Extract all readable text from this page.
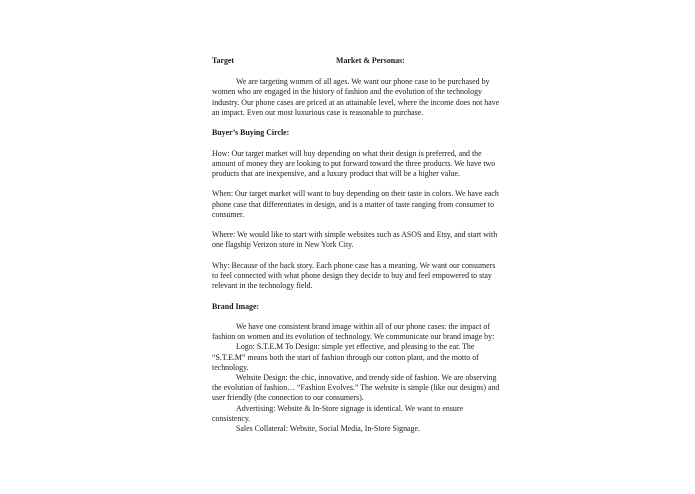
Target	Market & Personas:

We are targeting women of all ages. We want our phone case to be purchased by women who are engaged in the history of fashion and the evolution of the technology industry. Our phone cases are priced at an attainable level, where the income does not have an impact. Even our most luxurious case is reasonable to purchase.

Buyer’s Buying Circle:

How: Our target market will buy depending on what their design is preferred, and the amount of money they are looking to put forward toward the three products. We have two products that are inexpensive, and a luxury product that will be a higher value.

When: Our target market will want to buy depending on their taste in colors. We have each phone case that differentiates in design, and is a matter of taste ranging from consumer to consumer.

Where: We would like to start with simple websites such as ASOS and Etsy, and start with one flagship Verizon store in New York City.

Why: Because of the back story. Each phone case has a meaning. We want our consumers to feel connected with what phone design they decide to buy and feel empowered to stay relevant in the technology field.

Brand Image:

We have one consistent brand image within all of our phone cases: the impact of fashion on women and its evolution of technology. We communicate our brand image by:

Logo: S.T.E.M To Design: simple yet effective, and pleasing to the ear. The “S.T.E.M” means both the start of fashion through our cotton plant, and the motto of technology.

Website Design: the chic, innovative, and trendy side of fashion. We are observing the evolution of fashion… “Fashion Evolves.” The website is simple (like our designs) and user friendly (the connection to our consumers).

Advertising: Website & In-Store signage is identical. We want to ensure consistency.

Sales Collateral: Website, Social Media, In-Store Signage.
